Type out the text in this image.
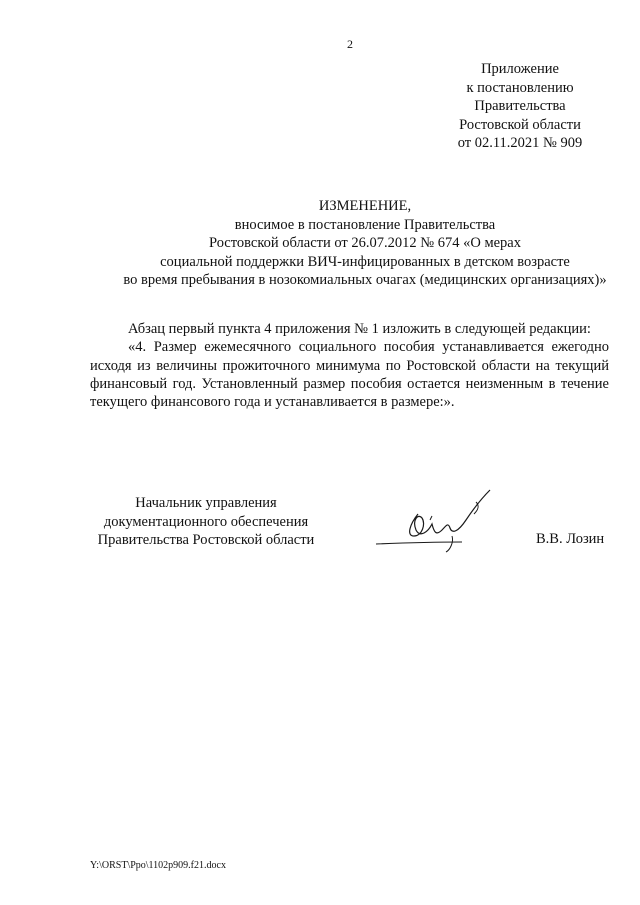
2
Приложение
к постановлению
Правительства
Ростовской области
от 02.11.2021 № 909
ИЗМЕНЕНИЕ,
вносимое в постановление Правительства
Ростовской области от 26.07.2012 № 674 «О мерах
социальной поддержки ВИЧ-инфицированных в детском возрасте
во время пребывания в нозокомиальных очагах (медицинских организациях)»

Абзац первый пункта 4 приложения № 1 изложить в следующей редакции:

«4. Размер ежемесячного социального пособия устанавливается ежегодно исходя из величины прожиточного минимума по Ростовской области на текущий финансовый год. Установленный размер пособия остается неизменным в течение текущего финансового года и устанавливается в размере:».

Начальник управления
документационного обеспечения
Правительства Ростовской области	В.В. Лозин
Y:\ORST\Ppo\1102p909.f21.docx
